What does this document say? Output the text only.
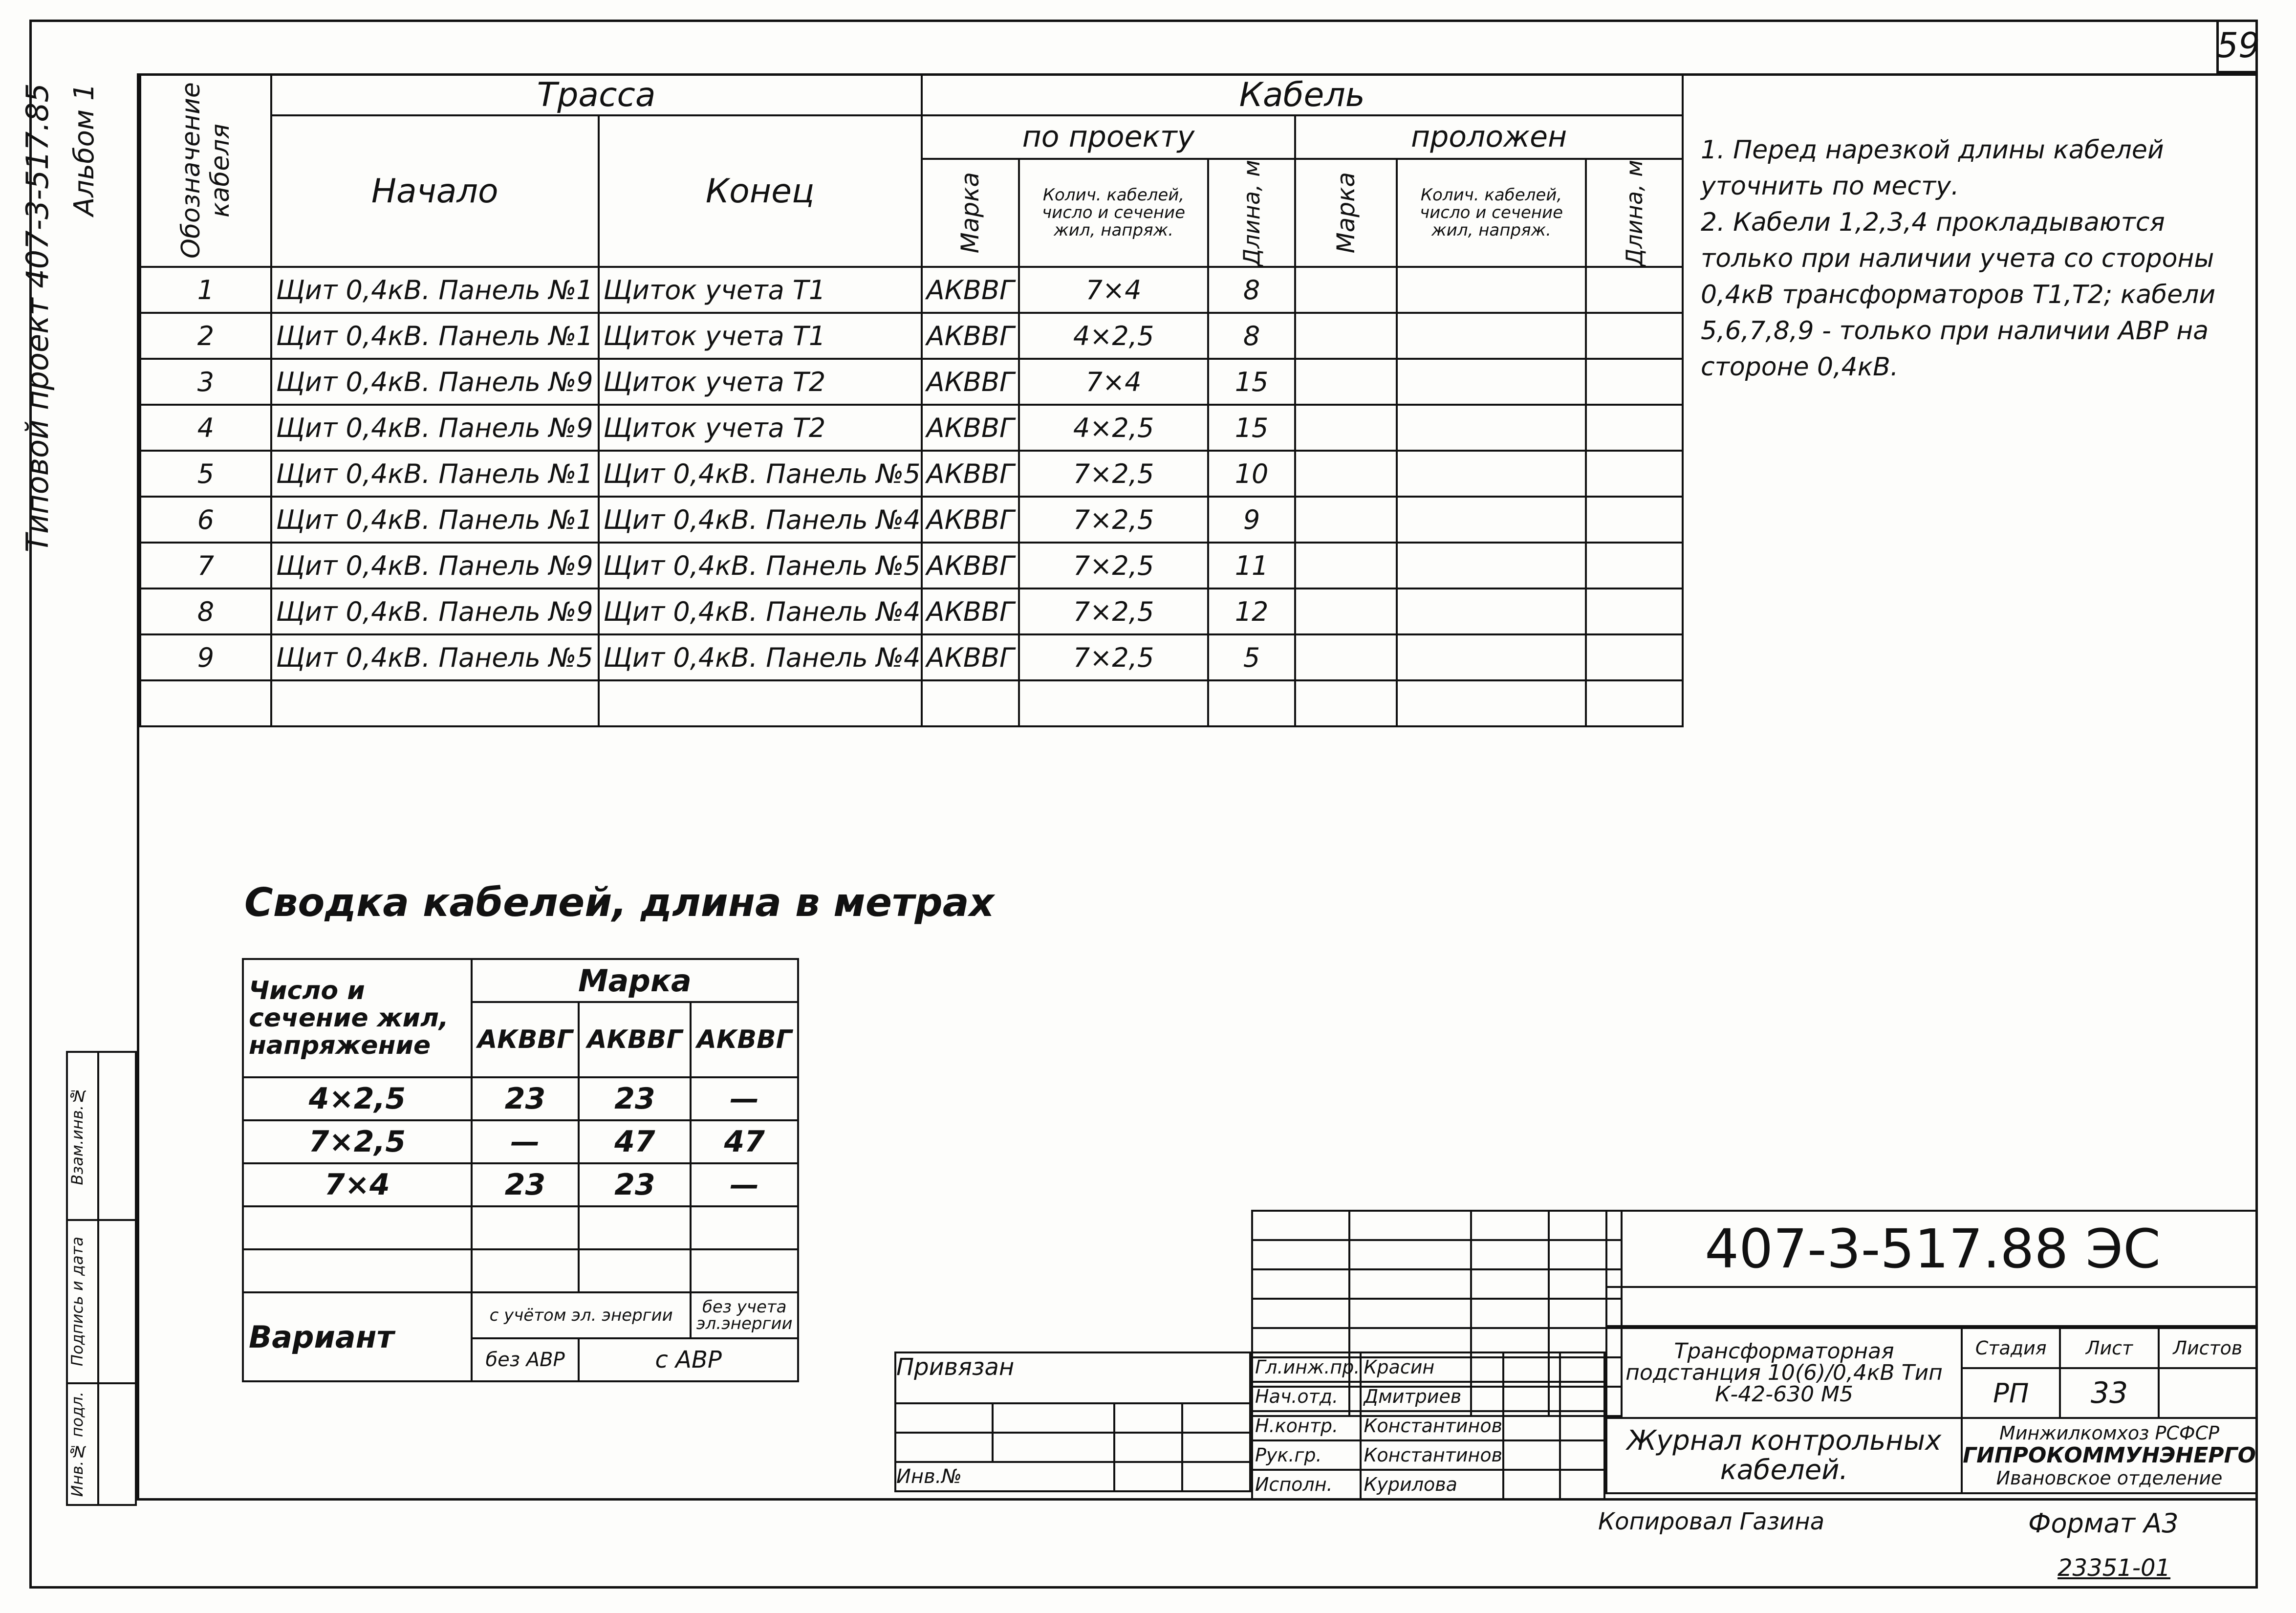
59
Типовой проект 407-3-517.85 Альбом 1
Взам.инв.№	

Подпись и дата	

Инв.№ подл.	

Обозначение кабеля	Трасса		Кабель					
	Начало	Конец	по проекту			проложен		

			Марка	Колич. кабелей, число и сечение жил, напряж.	Длина, м	Марка	Колич. кабелей, число и сечение жил, напряж.	Длина, м

1	Щит 0,4кВ. Панель №1	Щиток учета Т1	АКВВГ	7×4	8			
2	Щит 0,4кВ. Панель №1	Щиток учета Т1	АКВВГ	4×2,5	8			
3	Щит 0,4кВ. Панель №9	Щиток учета Т2	АКВВГ	7×4	15			
4	Щит 0,4кВ. Панель №9	Щиток учета Т2	АКВВГ	4×2,5	15			
5	Щит 0,4кВ. Панель №1	Щит 0,4кВ. Панель №5	АКВВГ	7×2,5	10			
6	Щит 0,4кВ. Панель №1	Щит 0,4кВ. Панель №4	АКВВГ	7×2,5	9			
7	Щит 0,4кВ. Панель №9	Щит 0,4кВ. Панель №5	АКВВГ	7×2,5	11			
8	Щит 0,4кВ. Панель №9	Щит 0,4кВ. Панель №4	АКВВГ	7×2,5	12			
9	Щит 0,4кВ. Панель №5	Щит 0,4кВ. Панель №4	АКВВГ	7×2,5	5			

1. Перед нарезкой длины кабелей уточнить по месту.

2. Кабели 1,2,3,4 прокладываются только при наличии учета со стороны 0,4кВ трансформаторов Т1,Т2; кабели 5,6,7,8,9 - только при наличии АВР на стороне 0,4кВ.

Сводка кабелей, длина в метрах
Число и сечение жил, напряжение	Марка		
	АКВВГ	АКВВГ	АКВВГ
4×2,5	23	23	—
7×2,5	—	47	47
7×4	23	23	—

Вариант	с учётом эл. энергии		без учета эл.энергии
	без АВР	с АВР	

407-3-517.88 ЭС
Привязан			

Инв.№			
Гл.инж.пр.	Красин		
Нач.отд.	Дмитриев		
Н.контр.	Константинов		
Рук.гр.	Константинов		
Исполн.	Курилова		
Трансформаторная подстанция 10(6)/0,4кВ Тип К-42-630 М5	Стадия	Лист	Листов
	РП	33	
Журнал контрольных кабелей.	Минжилкомхоз РСФСР
ГИПРОКОММУНЭНЕРГО
Ивановское отделение		
Копировал Газина	Формат А3
23351-01
